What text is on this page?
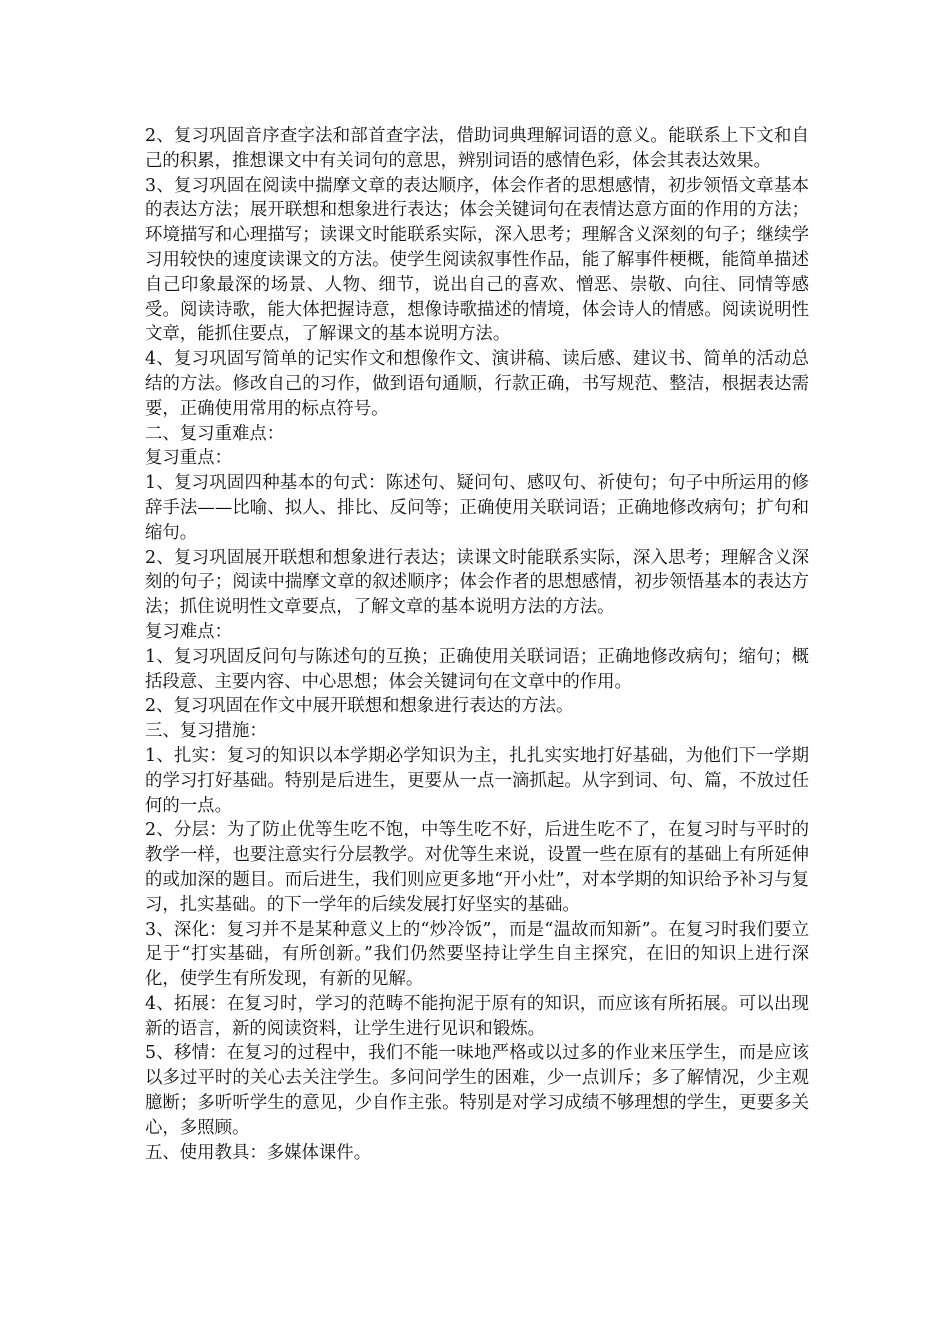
2、复习巩固音序查字法和部首查字法，借助词典理解词语的意义。能联系上下文和自己的积累，推想课文中有关词句的意思，辨别词语的感情色彩，体会其表达效果。

3、复习巩固在阅读中揣摩文章的表达顺序，体会作者的思想感情，初步领悟文章基本的表达方法；展开联想和想象进行表达；体会关键词句在表情达意方面的作用的方法；环境描写和心理描写；读课文时能联系实际，深入思考；理解含义深刻的句子；继续学习用较快的速度读课文的方法。使学生阅读叙事性作品，能了解事件梗概，能简单描述自己印象最深的场景、人物、细节，说出自己的喜欢、憎恶、崇敬、向往、同情等感受。阅读诗歌，能大体把握诗意，想像诗歌描述的情境，体会诗人的情感。阅读说明性文章，能抓住要点，了解课文的基本说明方法。

4、复习巩固写简单的记实作文和想像作文、演讲稿、读后感、建议书、简单的活动总结的方法。修改自己的习作，做到语句通顺，行款正确，书写规范、整洁，根据表达需要，正确使用常用的标点符号。

二、复习重难点：

复习重点：

1、复习巩固四种基本的句式：陈述句、疑问句、感叹句、祈使句；句子中所运用的修辞手法——比喻、拟人、排比、反问等；正确使用关联词语；正确地修改病句；扩句和缩句。

2、复习巩固展开联想和想象进行表达；读课文时能联系实际，深入思考；理解含义深刻的句子；阅读中揣摩文章的叙述顺序；体会作者的思想感情，初步领悟基本的表达方法；抓住说明性文章要点，了解文章的基本说明方法的方法。

复习难点：

1、复习巩固反问句与陈述句的互换；正确使用关联词语；正确地修改病句；缩句；概括段意、主要内容、中心思想；体会关键词句在文章中的作用。

2、复习巩固在作文中展开联想和想象进行表达的方法。

三、复习措施：

1、扎实：复习的知识以本学期必学知识为主，扎扎实实地打好基础，为他们下一学期的学习打好基础。特别是后进生，更要从一点一滴抓起。从字到词、句、篇，不放过任何的一点。

2、分层：为了防止优等生吃不饱，中等生吃不好，后进生吃不了，在复习时与平时的教学一样，也要注意实行分层教学。对优等生来说，设置一些在原有的基础上有所延伸的或加深的题目。而后进生，我们则应更多地“开小灶”，对本学期的知识给予补习与复习，扎实基础。的下一学年的后续发展打好坚实的基础。

3、深化：复习并不是某种意义上的“炒冷饭”，而是“温故而知新”。在复习时我们要立足于“打实基础，有所创新。”我们仍然要坚持让学生自主探究，在旧的知识上进行深化，使学生有所发现，有新的见解。

4、拓展：在复习时，学习的范畴不能拘泥于原有的知识，而应该有所拓展。可以出现新的语言，新的阅读资料，让学生进行见识和锻炼。

5、移情：在复习的过程中，我们不能一味地严格或以过多的作业来压学生，而是应该以多过平时的关心去关注学生。多问问学生的困难，少一点训斥；多了解情况，少主观臆断；多听听学生的意见，少自作主张。特别是对学习成绩不够理想的学生，更要多关心，多照顾。

五、使用教具：多媒体课件。
